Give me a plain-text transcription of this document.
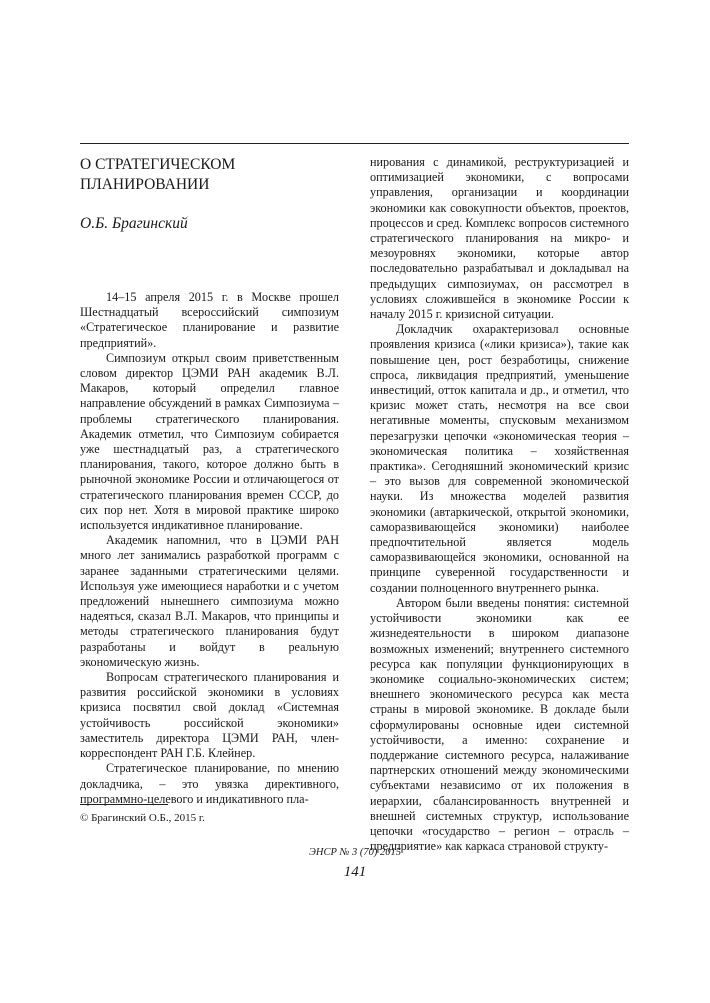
О СТРАТЕГИЧЕСКОМ ПЛАНИРОВАНИИ
О.Б. Брагинский

14–15 апреля 2015 г. в Москве прошел Шестнадцатый всероссийский симпозиум «Стратегическое планирование и развитие предприятий».

Симпозиум открыл своим приветственным словом директор ЦЭМИ РАН академик В.Л. Макаров, который определил главное направление обсуждений в рамках Симпозиума – проблемы стратегического планирования. Академик отметил, что Симпозиум собирается уже шестнадцатый раз, а стратегического планирования, такого, которое должно быть в рыночной экономике России и отличающегося от стратегического планирования времен СССР, до сих пор нет. Хотя в мировой практике широко используется индикативное планирование.

Академик напомнил, что в ЦЭМИ РАН много лет занимались разработкой программ с заранее заданными стратегическими целями. Используя уже имеющиеся наработки и с учетом предложений нынешнего симпозиума можно надеяться, сказал В.Л. Макаров, что принципы и методы стратегического планирования будут разработаны и войдут в реальную экономическую жизнь.

Вопросам стратегического планирования и развития российской экономики в условиях кризиса посвятил свой доклад «Системная устойчивость российской экономики» заместитель директора ЦЭМИ РАН, член-корреспондент РАН Г.Б. Клейнер.

Стратегическое планирование, по мнению докладчика, – это увязка директивного, программно-целевого и индикативного пла-

нирования с динамикой, реструктуризацией и оптимизацией экономики, с вопросами управления, организации и координации экономики как совокупности объектов, проектов, процессов и сред. Комплекс вопросов системного стратегического планирования на микро- и мезоуровнях экономики, которые автор последовательно разрабатывал и докладывал на предыдущих симпозиумах, он рассмотрел в условиях сложившейся в экономике России к началу 2015 г. кризисной ситуации.

Докладчик охарактеризовал основные проявления кризиса («лики кризиса»), такие как повышение цен, рост безработицы, снижение спроса, ликвидация предприятий, уменьшение инвестиций, отток капитала и др., и отметил, что кризис может стать, несмотря на все свои негативные моменты, спусковым механизмом перезагрузки цепочки «экономическая теория – экономическая политика – хозяйственная практика». Сегодняшний экономический кризис – это вызов для современной экономической науки. Из множества моделей развития экономики (автаркической, открытой экономики, саморазвивающейся экономики) наиболее предпочтительной является модель саморазвивающейся экономики, основанной на принципе суверенной государственности и создании полноценного внутреннего рынка.

Автором были введены понятия: системной устойчивости экономики как ее жизнедеятельности в широком диапазоне возможных изменений; внутреннего системного ресурса как популяции функционирующих в экономике социально-экономических систем; внешнего экономического ресурса как места страны в мировой экономике. В докладе были сформулированы основные идеи системной устойчивости, а именно: сохранение и поддержание системного ресурса, налаживание партнерских отношений между экономическими субъектами независимо от их положения в иерархии, сбалансированность внутренней и внешней системных структур, использование цепочки «государство – регион – отрасль – предприятие» как каркаса страновой структу-

© Брагинский О.Б., 2015 г.
ЭНСР № 3 (70) 2015
141
